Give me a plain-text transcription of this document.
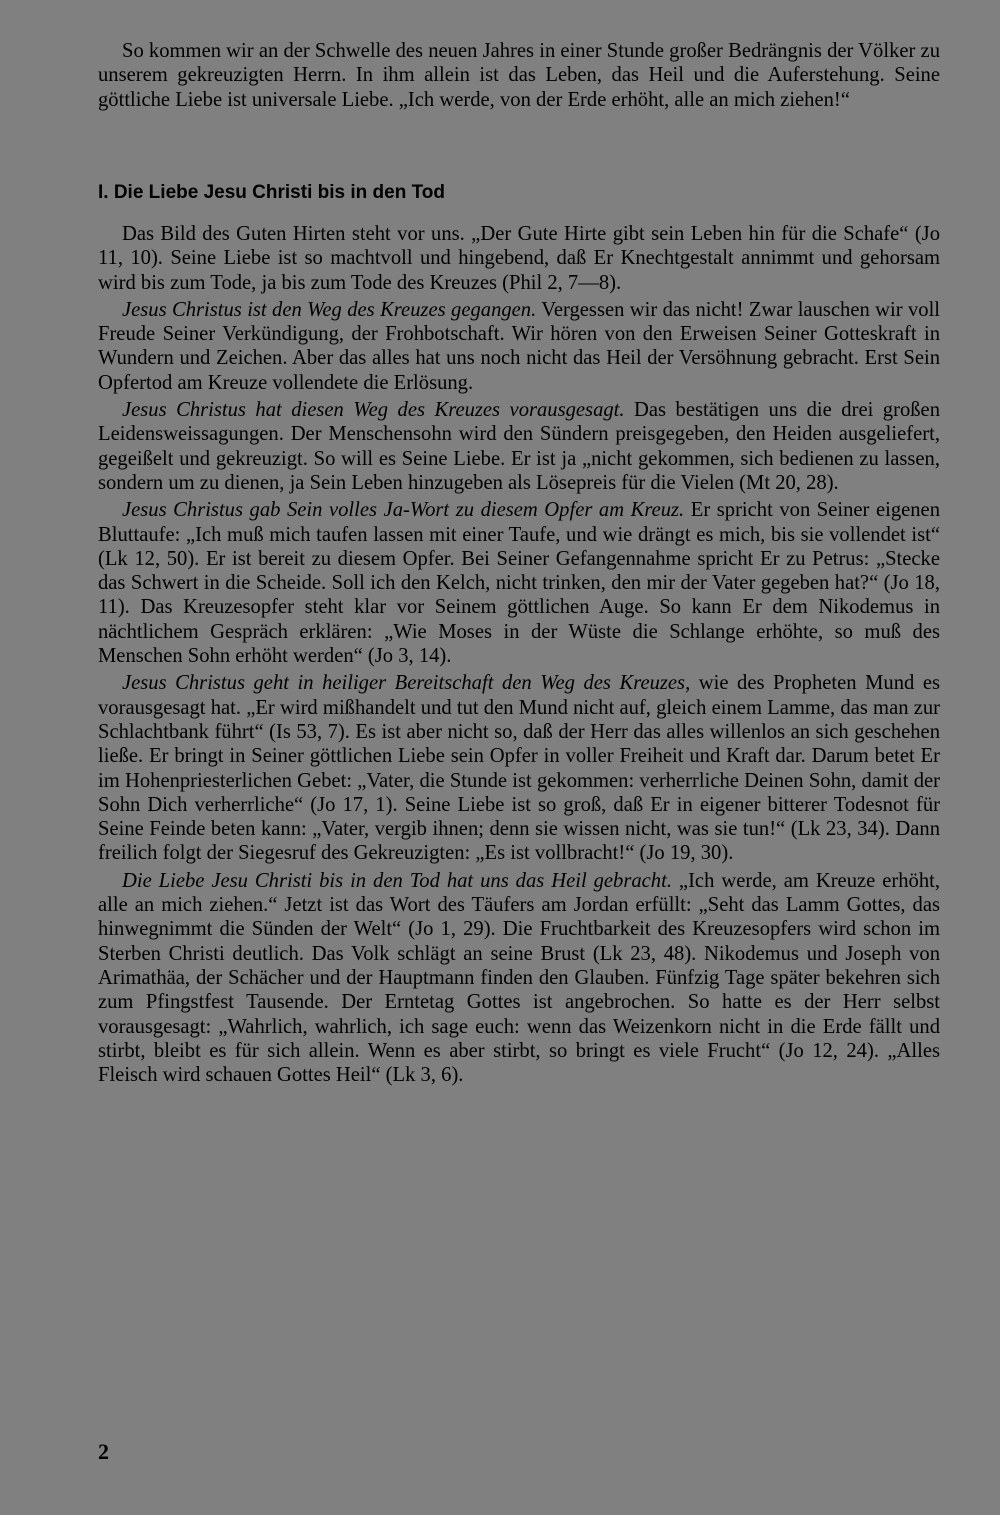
So kommen wir an der Schwelle des neuen Jahres in einer Stunde großer Bedrängnis der Völker zu unserem gekreuzigten Herrn. In ihm allein ist das Leben, das Heil und die Auferstehung. Seine göttliche Liebe ist universale Liebe. „Ich werde, von der Erde erhöht, alle an mich ziehen!“

I. Die Liebe Jesu Christi bis in den Tod

Das Bild des Guten Hirten steht vor uns. „Der Gute Hirte gibt sein Leben hin für die Schafe“ (Jo 11, 10). Seine Liebe ist so machtvoll und hingebend, daß Er Knechtgestalt annimmt und gehorsam wird bis zum Tode, ja bis zum Tode des Kreuzes (Phil 2, 7—8).

Jesus Christus ist den Weg des Kreuzes gegangen. Vergessen wir das nicht! Zwar lauschen wir voll Freude Seiner Verkündigung, der Frohbotschaft. Wir hören von den Erweisen Seiner Gotteskraft in Wundern und Zeichen. Aber das alles hat uns noch nicht das Heil der Versöhnung gebracht. Erst Sein Opfertod am Kreuze vollendete die Erlösung.

Jesus Christus hat diesen Weg des Kreuzes vorausgesagt. Das bestätigen uns die drei großen Leidensweissagungen. Der Menschensohn wird den Sündern preisgegeben, den Heiden ausgeliefert, gegeißelt und gekreuzigt. So will es Seine Liebe. Er ist ja „nicht gekommen, sich bedienen zu lassen, sondern um zu dienen, ja Sein Leben hinzugeben als Lösepreis für die Vielen (Mt 20, 28).

Jesus Christus gab Sein volles Ja-Wort zu diesem Opfer am Kreuz. Er spricht von Seiner eigenen Bluttaufe: „Ich muß mich taufen lassen mit einer Taufe, und wie drängt es mich, bis sie vollendet ist“ (Lk 12, 50). Er ist bereit zu diesem Opfer. Bei Seiner Gefangennahme spricht Er zu Petrus: „Stecke das Schwert in die Scheide. Soll ich den Kelch, nicht trinken, den mir der Vater gegeben hat?“ (Jo 18, 11). Das Kreuzesopfer steht klar vor Seinem göttlichen Auge. So kann Er dem Nikodemus in nächtlichem Gespräch erklären: „Wie Moses in der Wüste die Schlange erhöhte, so muß des Menschen Sohn erhöht werden“ (Jo 3, 14).

Jesus Christus geht in heiliger Bereitschaft den Weg des Kreuzes, wie des Propheten Mund es vorausgesagt hat. „Er wird mißhandelt und tut den Mund nicht auf, gleich einem Lamme, das man zur Schlachtbank führt“ (Is 53, 7). Es ist aber nicht so, daß der Herr das alles willenlos an sich geschehen ließe. Er bringt in Seiner göttlichen Liebe sein Opfer in voller Freiheit und Kraft dar. Darum betet Er im Hohenpriesterlichen Gebet: „Vater, die Stunde ist gekommen: verherrliche Deinen Sohn, damit der Sohn Dich verherrliche“ (Jo 17, 1). Seine Liebe ist so groß, daß Er in eigener bitterer Todesnot für Seine Feinde beten kann: „Vater, vergib ihnen; denn sie wissen nicht, was sie tun!“ (Lk 23, 34). Dann freilich folgt der Siegesruf des Gekreuzigten: „Es ist vollbracht!“ (Jo 19, 30).

Die Liebe Jesu Christi bis in den Tod hat uns das Heil gebracht. „Ich werde, am Kreuze erhöht, alle an mich ziehen.“ Jetzt ist das Wort des Täufers am Jordan erfüllt: „Seht das Lamm Gottes, das hinwegnimmt die Sünden der Welt“ (Jo 1, 29). Die Fruchtbarkeit des Kreuzesopfers wird schon im Sterben Christi deutlich. Das Volk schlägt an seine Brust (Lk 23, 48). Nikodemus und Joseph von Arimathäa, der Schächer und der Hauptmann finden den Glauben. Fünfzig Tage später bekehren sich zum Pfingstfest Tausende. Der Erntetag Gottes ist angebrochen. So hatte es der Herr selbst vorausgesagt: „Wahrlich, wahrlich, ich sage euch: wenn das Weizenkorn nicht in die Erde fällt und stirbt, bleibt es für sich allein. Wenn es aber stirbt, so bringt es viele Frucht“ (Jo 12, 24). „Alles Fleisch wird schauen Gottes Heil“ (Lk 3, 6).

2
